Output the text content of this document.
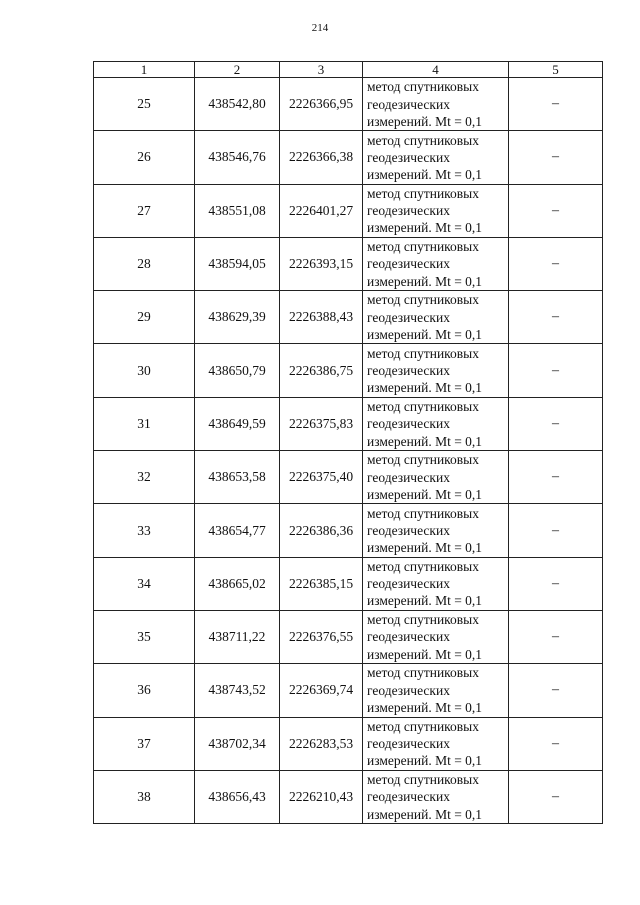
214
1	2	3	4	5
25	438542,80	2226366,95	метод спутниковых
геодезических
измерений. Mt = 0,1	–
26	438546,76	2226366,38	метод спутниковых
геодезических
измерений. Mt = 0,1	–
27	438551,08	2226401,27	метод спутниковых
геодезических
измерений. Mt = 0,1	–
28	438594,05	2226393,15	метод спутниковых
геодезических
измерений. Mt = 0,1	–
29	438629,39	2226388,43	метод спутниковых
геодезических
измерений. Mt = 0,1	–
30	438650,79	2226386,75	метод спутниковых
геодезических
измерений. Mt = 0,1	–
31	438649,59	2226375,83	метод спутниковых
геодезических
измерений. Mt = 0,1	–
32	438653,58	2226375,40	метод спутниковых
геодезических
измерений. Mt = 0,1	–
33	438654,77	2226386,36	метод спутниковых
геодезических
измерений. Mt = 0,1	–
34	438665,02	2226385,15	метод спутниковых
геодезических
измерений. Mt = 0,1	–
35	438711,22	2226376,55	метод спутниковых
геодезических
измерений. Mt = 0,1	–
36	438743,52	2226369,74	метод спутниковых
геодезических
измерений. Mt = 0,1	–
37	438702,34	2226283,53	метод спутниковых
геодезических
измерений. Mt = 0,1	–
38	438656,43	2226210,43	метод спутниковых
геодезических
измерений. Mt = 0,1	–
